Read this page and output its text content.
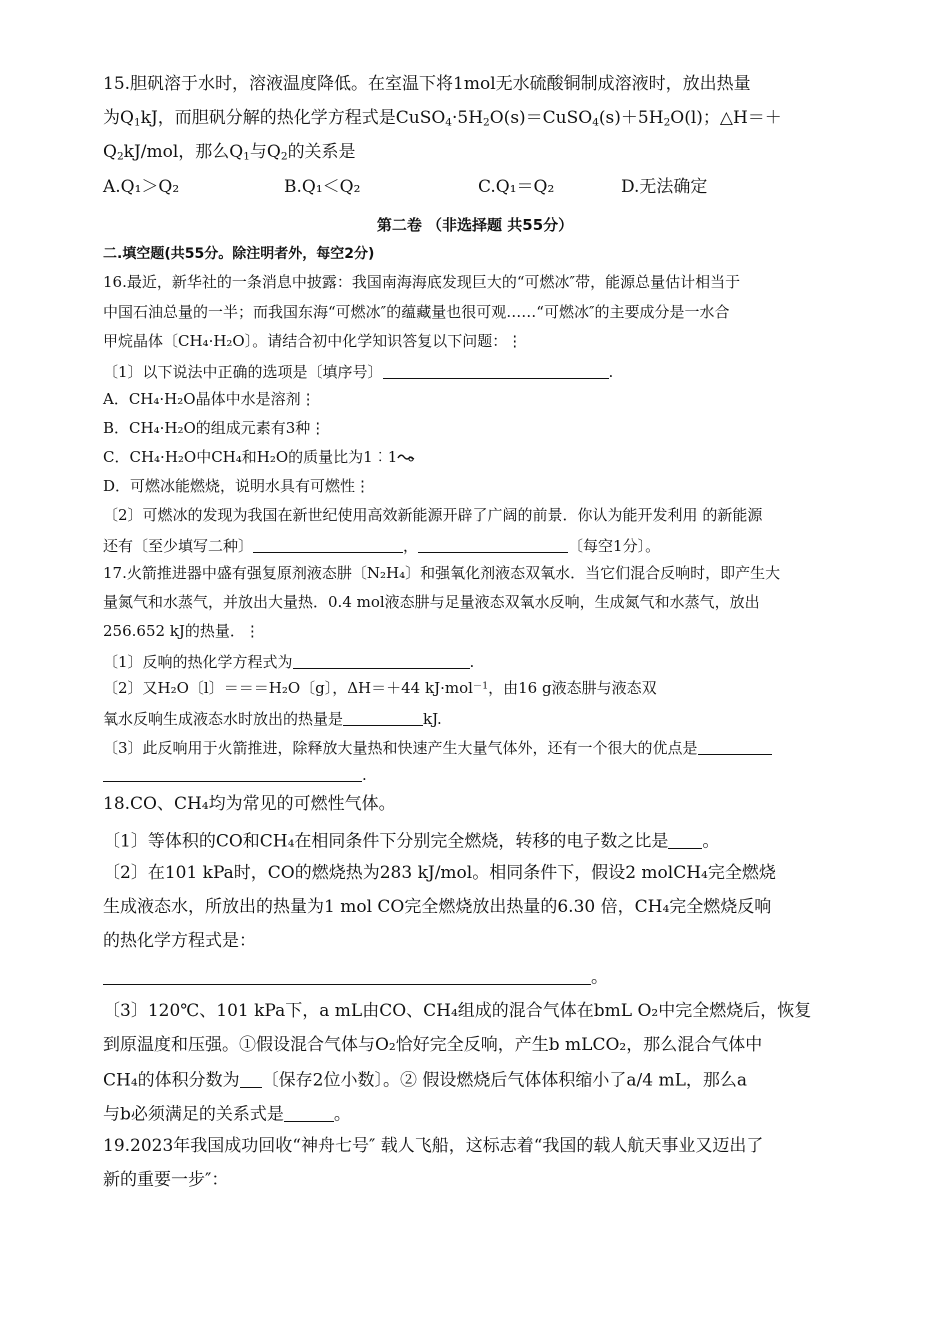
15.胆矾溶于水时，溶液温度降低。在室温下将1mol无水硫酸铜制成溶液时，放出热量
为$Q_1kJ$，而胆矾分解的热化学方程式是$CuSO_4\cdot 5H_2O(s)=CuSO_4(s)+5H_2O(l)$；△H＝＋
$Q_2kJ$/mol，那么$Q_1$与$Q_2$的关系是
A.Q₁＞Q₂	B.Q₁＜Q₂	C.Q₁＝Q₂	D.无法确定
第二卷 （非选择题 共55分）
二.填空题(共55分。除注明者外，每空2分)
16.最近，新华社的一条消息中披露：我国南海海底发现巨大的“可燃冰″带，能源总量估计相当于
中国石油总量的一半；而我国东海“可燃冰″的蕴藏量也很可观……“可燃冰″的主要成分是一水合
甲烷晶体〔CH₄·H₂O〕。请结合初中化学知识答复以下问题：⋮
〔1〕以下说法中正确的选项是〔填序号〕	.
A．CH₄·H₂O晶体中水是溶剂⋮
B．CH₄·H₂O的组成元素有3种⋮
C．CH₄·H₂O中CH₄和H₂O的质量比为1︰1
D．可燃冰能燃烧，说明水具有可燃性⋮
〔2〕可燃冰的发现为我国在新世纪使用高效新能源开辟了广阔的前景．你认为能开发利用 的新能源
还有〔至少填写二种〕	，	〔每空1分〕。
17.火箭推进器中盛有强复原剂液态肼〔N₂H₄〕和强氧化剂液态双氧水．当它们混合反响时，即产生大
量氮气和水蒸气，并放出大量热．0.4 mol液态肼与足量液态双氧水反响，生成氮气和水蒸气，放出
256.652 kJ的热量．⋮
〔1〕反响的热化学方程式为	.
〔2〕又H₂O〔l〕＝＝＝H₂O〔g〕，ΔH＝＋44 kJ·mol$^{-1}$，由16 g液态肼与液态双
氧水反响生成液态水时放出的热量是	kJ.
〔3〕此反响用于火箭推进，除释放大量热和快速产生大量气体外，还有一个很大的优点是
.
18.CO、CH₄均为常见的可燃性气体。
〔1〕等体积的CO和CH₄在相同条件下分别完全燃烧，转移的电子数之比是 。
〔2〕在101 kPa时，CO的燃烧热为283 kJ/mol。相同条件下，假设2 molCH₄完全燃烧
生成液态水，所放出的热量为1 mol CO完全燃烧放出热量的6.30 倍，CH₄完全燃烧反响
的热化学方程式是：
。
〔3〕120℃、101 kPa下，a mL由CO、CH₄组成的混合气体在bmL O₂中完全燃烧后，恢复
到原温度和压强。①假设混合气体与O₂恰好完全反响，产生b mLCO₂，那么混合气体中
CH₄的体积分数为 〔保存2位小数〕。② 假设燃烧后气体体积缩小了a/4 mL，那么a
与b必须满足的关系式是	。
19.2023年我国成功回收“神舟七号″ 载人飞船，这标志着“我国的载人航天事业又迈出了
新的重要一步″：
